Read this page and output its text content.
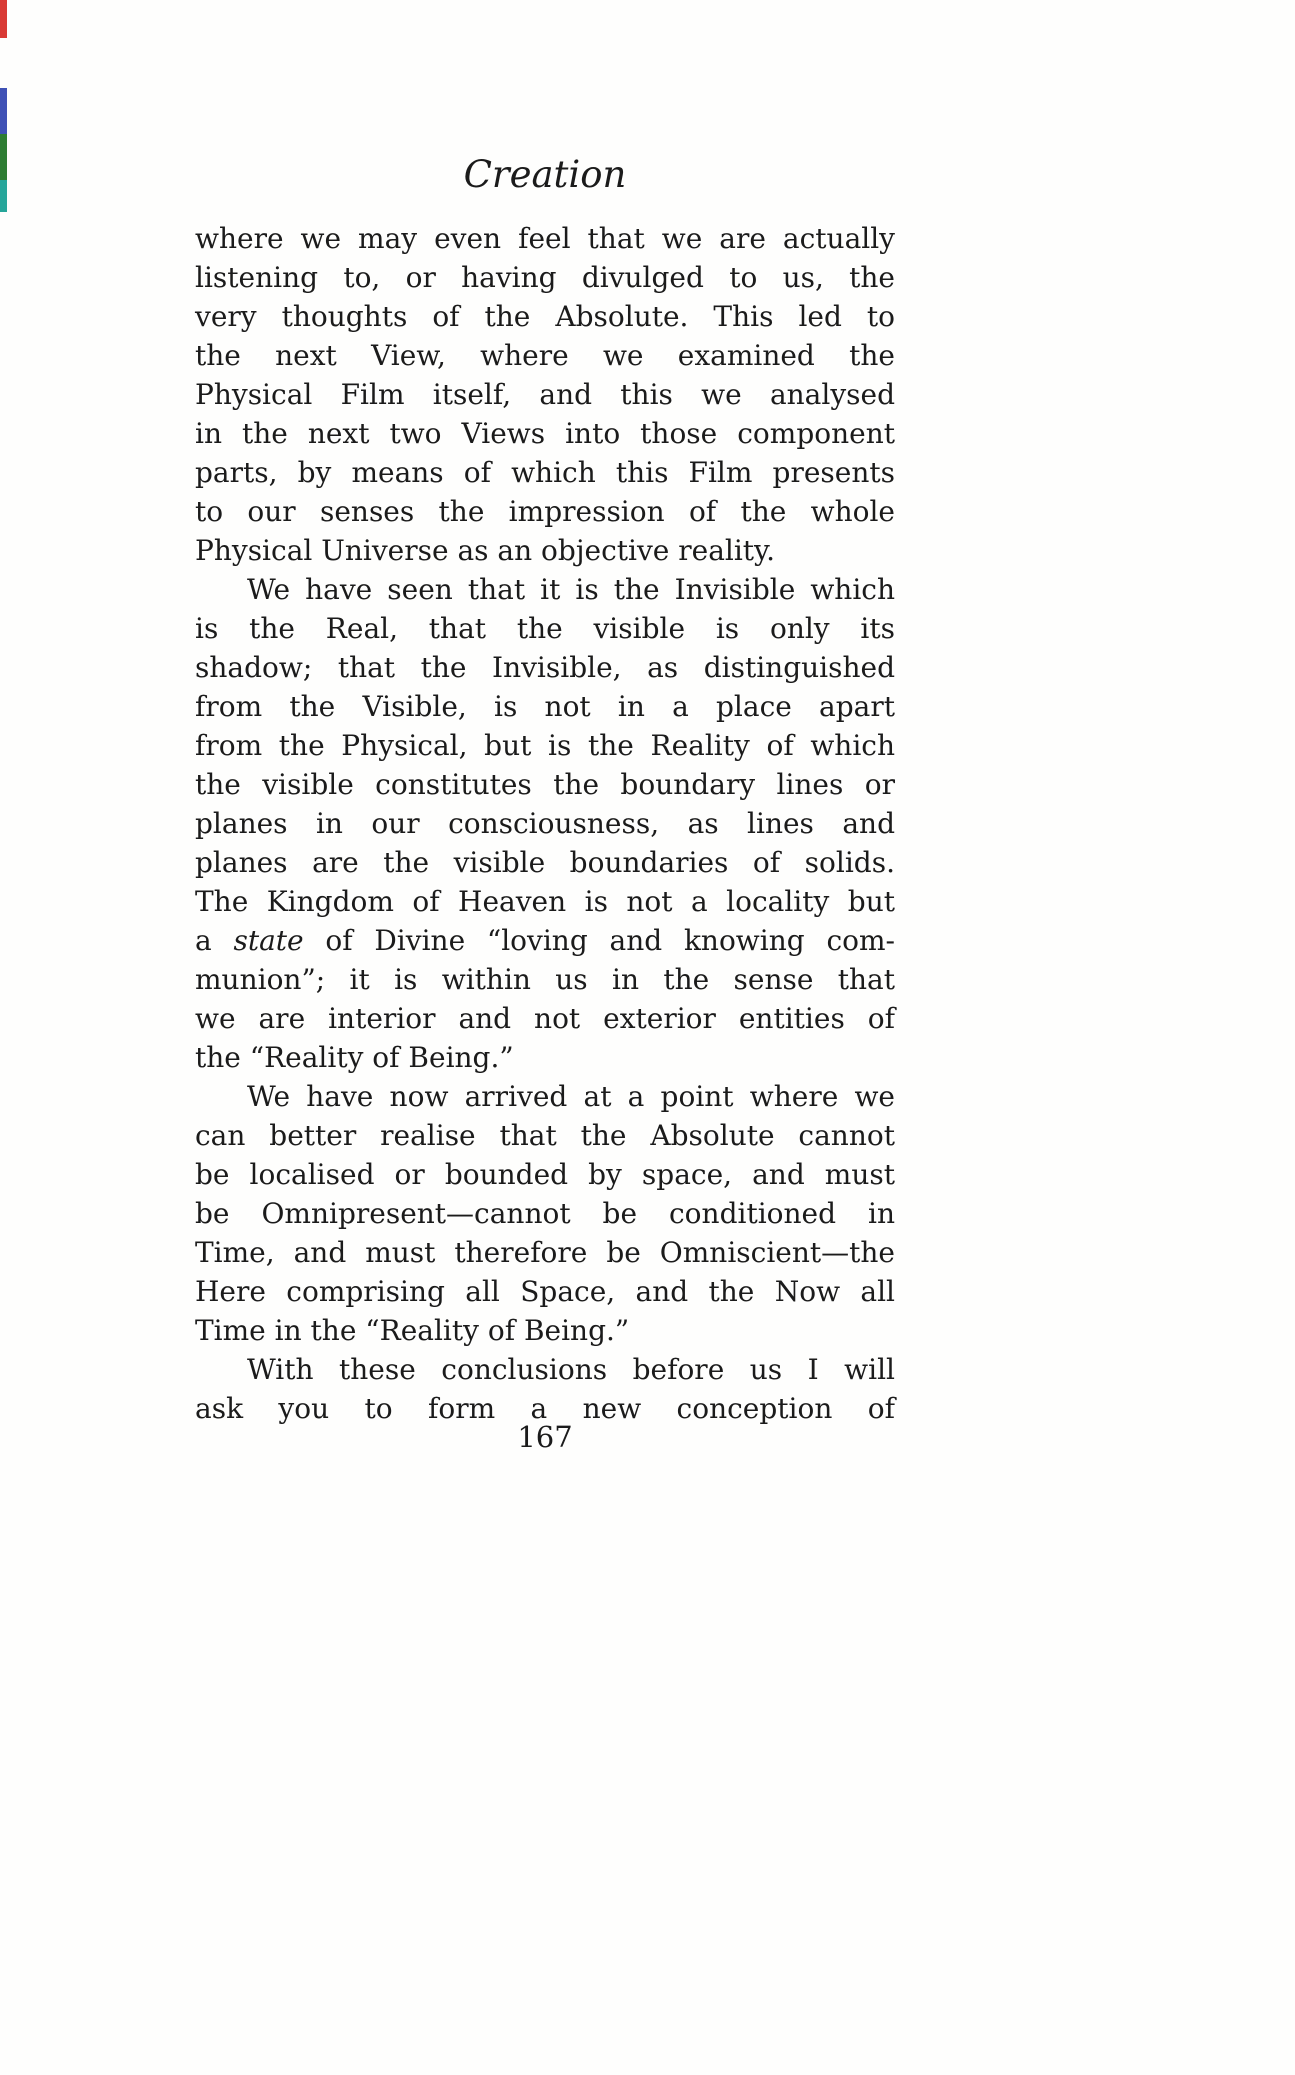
Creation
where we may even feel that we are actually
listening to, or having divulged to us, the
very thoughts of the Absolute. This led to
the next View, where we examined the
Physical Film itself, and this we analysed
in the next two Views into those component
parts, by means of which this Film presents
to our senses the impression of the whole
Physical Universe as an objective reality.
We have seen that it is the Invisible which
is the Real, that the visible is only its
shadow; that the Invisible, as distinguished
from the Visible, is not in a place apart
from the Physical, but is the Reality of which
the visible constitutes the boundary lines or
planes in our consciousness, as lines and
planes are the visible boundaries of solids.
The Kingdom of Heaven is not a locality but
a state of Divine “loving and knowing com-
munion”; it is within us in the sense that
we are interior and not exterior entities of
the “Reality of Being.”
We have now arrived at a point where we
can better realise that the Absolute cannot
be localised or bounded by space, and must
be Omnipresent—cannot be conditioned in
Time, and must therefore be Omniscient—the
Here comprising all Space, and the Now all
Time in the “Reality of Being.”
With these conclusions before us I will
ask you to form a new conception of
167
